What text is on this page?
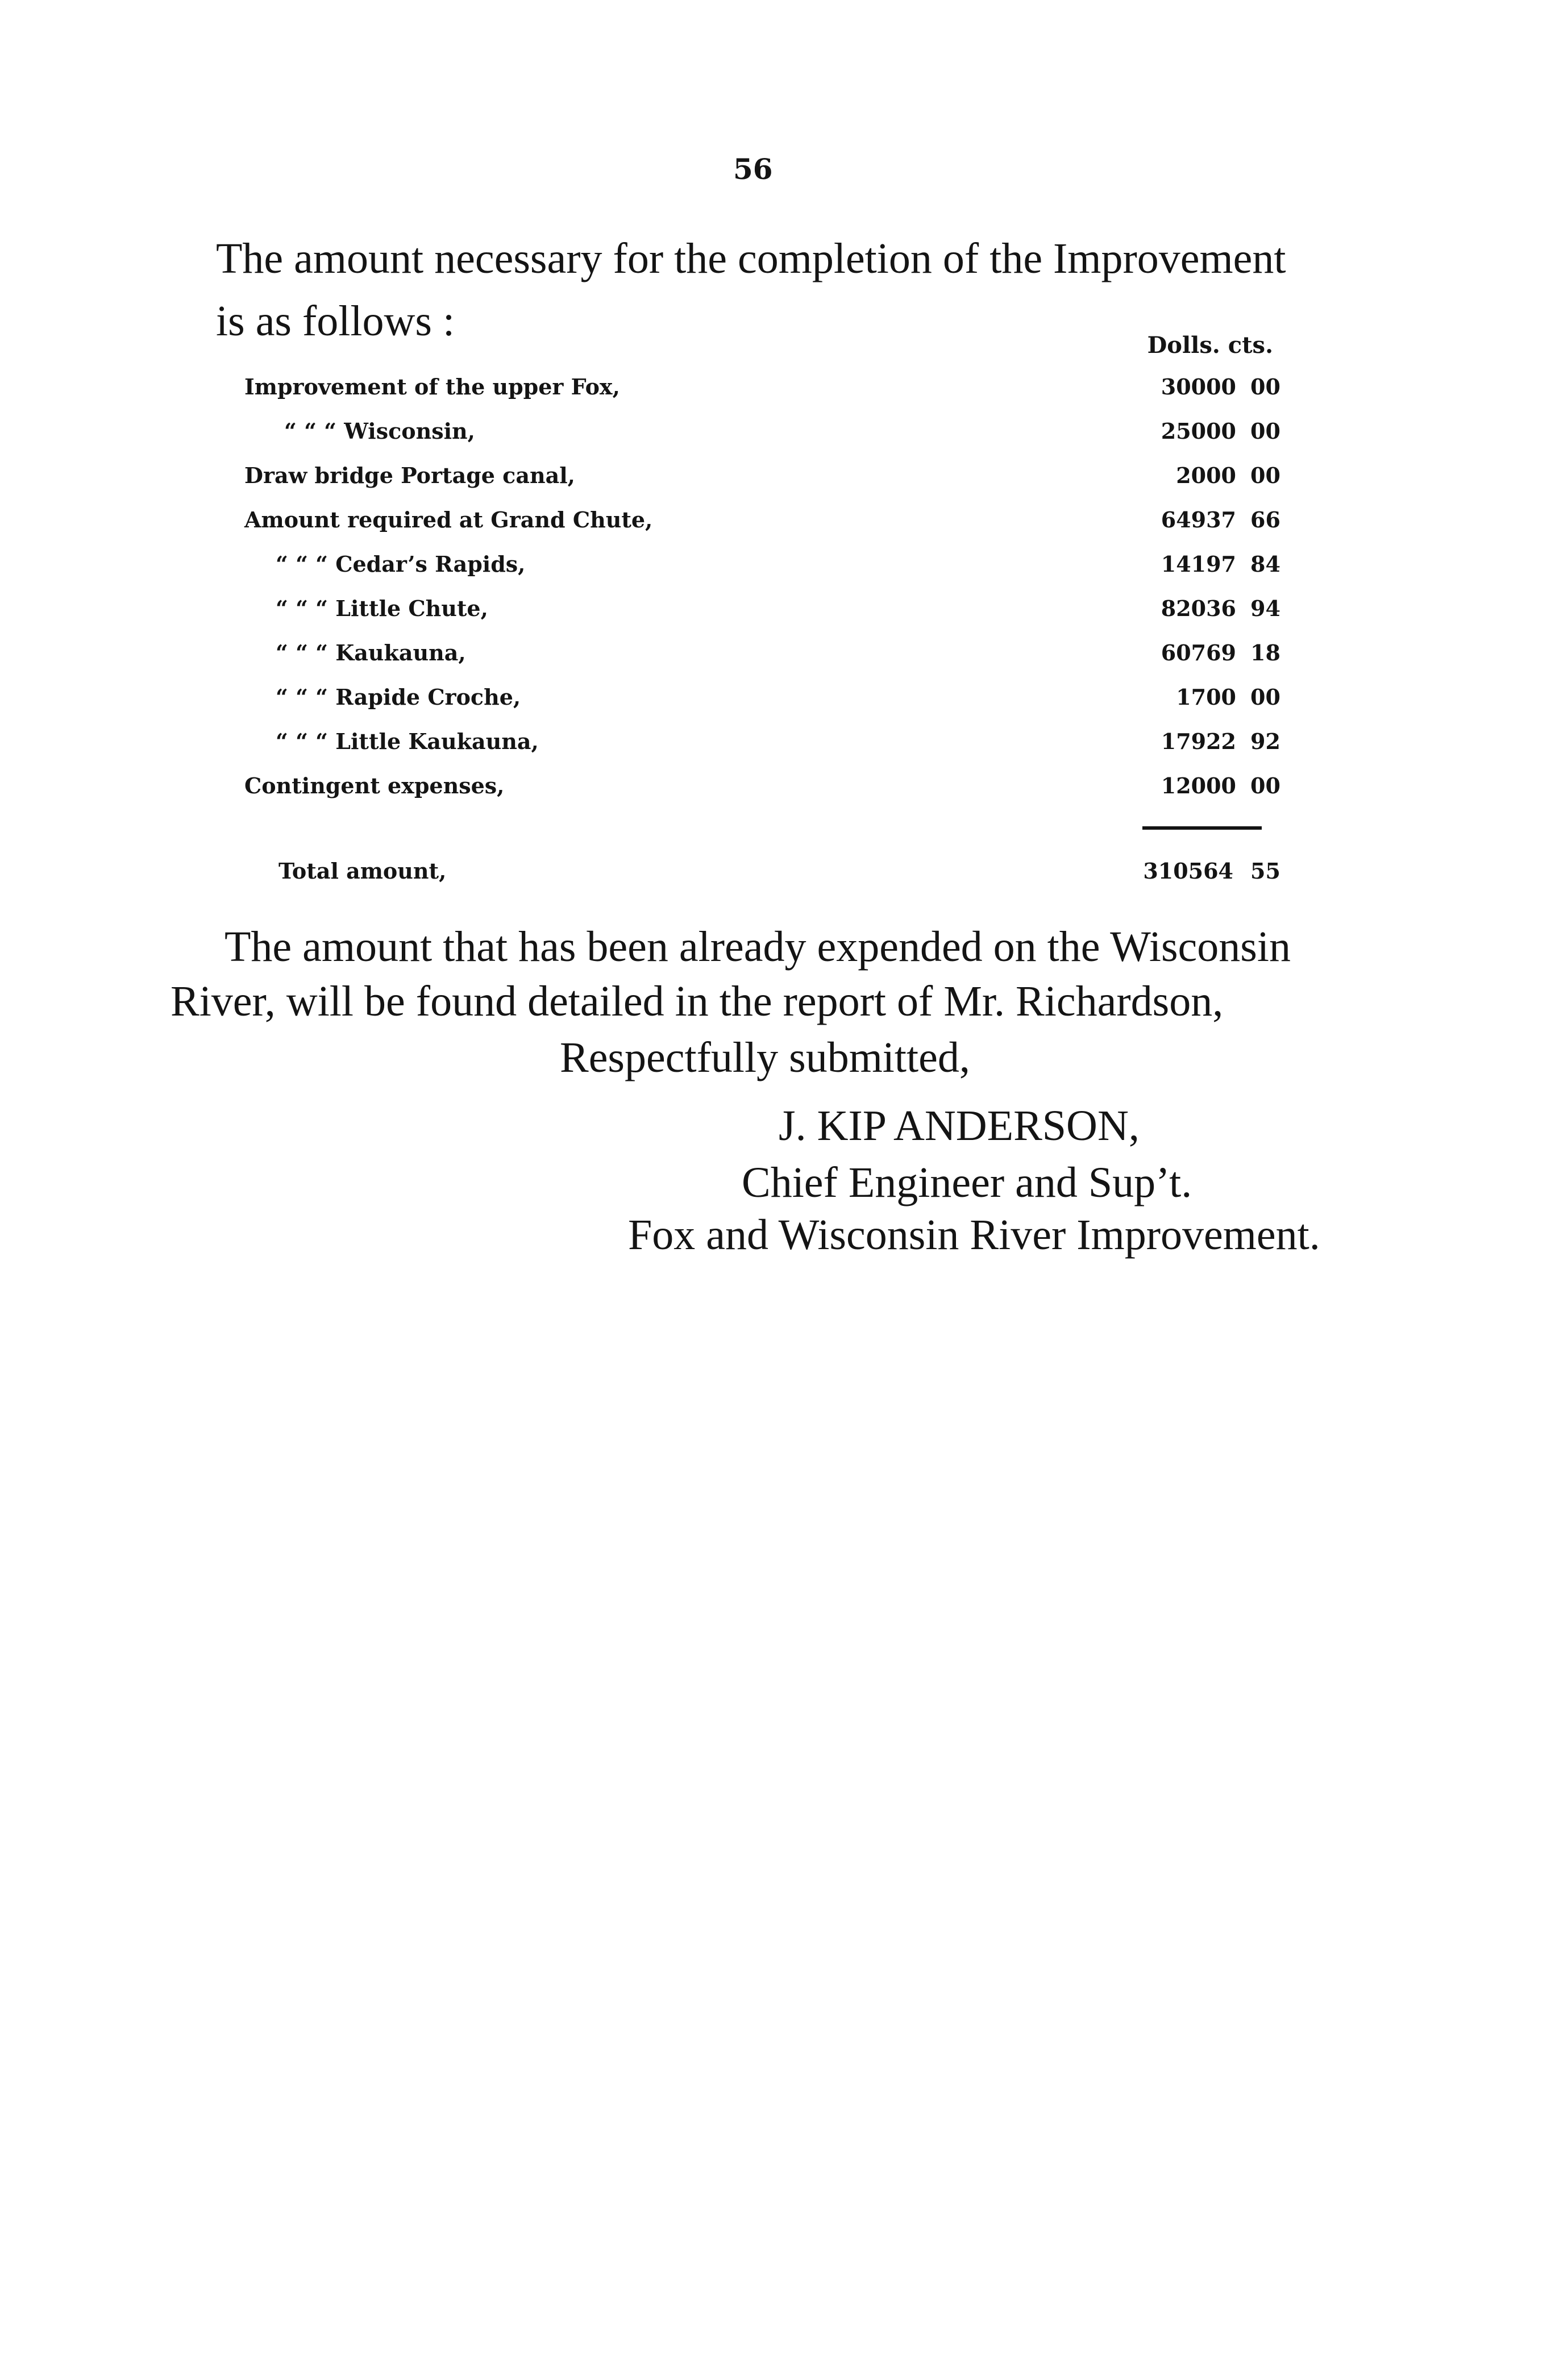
56
The amount necessary for the completion of the Improvement
is as follows :
Dolls. cts.
Improvement of the upper Fox,	30000 00
“ “ “ Wisconsin,	25000 00
Draw bridge Portage canal,	2000 00
Amount required at Grand Chute,	64937 66
“ “ “ Cedar’s Rapids,	14197 84
“ “ “ Little Chute,	82036 94
“ “ “ Kaukauna,	60769 18
“ “ “ Rapide Croche,	1700 00
“ “ “ Little Kaukauna,	17922 92
Contingent expenses,	12000 00
Total amount,	310564 55
The amount that has been already expended on the Wisconsin River, will be found detailed in the report of Mr. Richardson,
Respectfully submitted,
J. KIP ANDERSON,
Chief Engineer and Sup’t.
Fox and Wisconsin River Improvement.
